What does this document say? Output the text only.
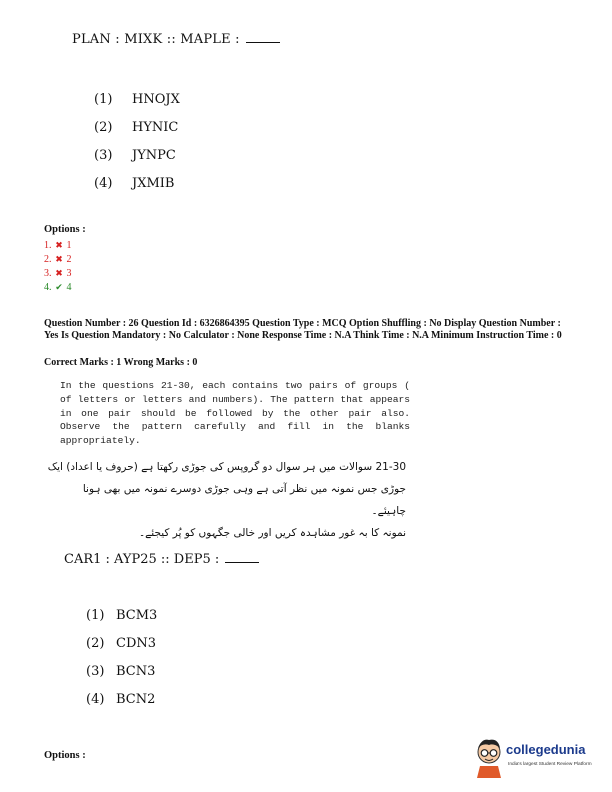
PLAN : MIXK :: MAPLE :
(1) HNOJX
(2) HYNIC
(3) JYNPC
(4) JXMIB
Options :
1. ✖ 1
2. ✖ 2
3. ✖ 3
4. ✔ 4
Question Number : 26 Question Id : 6326864395 Question Type : MCQ Option Shuffling : No Display Question Number : Yes Is Question Mandatory : No Calculator : None Response Time : N.A Think Time : N.A Minimum Instruction Time : 0
Correct Marks : 1 Wrong Marks : 0
In the questions 21-30, each contains two pairs of groups ( of letters or letters and numbers). The pattern that appears in one pair should be followed by the other pair also. Observe the pattern carefully and fill in the blanks appropriately.
21-30 سوالات میں ہر سوال دو گروپس کی جوڑی رکھتا ہے (حروف یا اعداد) ایک
جوڑی جس نمونہ میں نظر آتی ہے وہی جوڑی دوسرے نمونہ میں بھی ہونا چاہیئے۔
نمونہ کا بہ غور مشاہدہ کریں اور خالی جگہوں کو پُر کیجئے۔
CAR1 : AYP25 :: DEP5 :
(1) BCM3
(2) CDN3
(3) BCN3
(4) BCN2
Options :	collegedunia
India's largest Student Review Platform
